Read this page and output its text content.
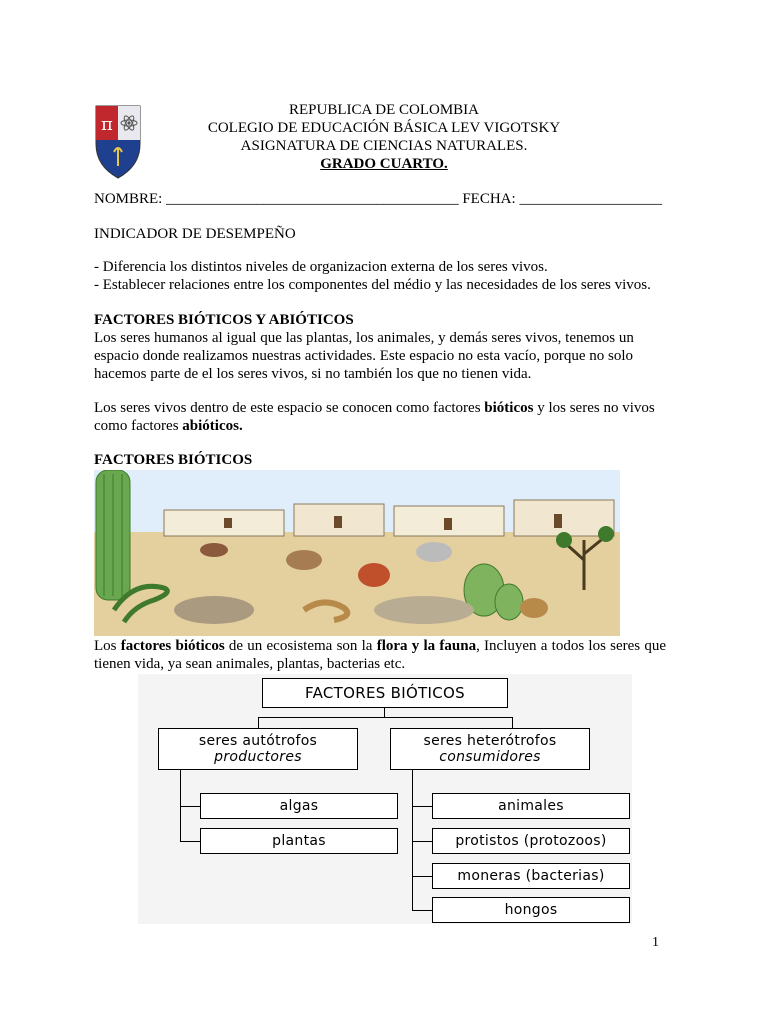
π
REPUBLICA DE COLOMBIA
COLEGIO DE EDUCACIÓN BÁSICA LEV VIGOTSKY
ASIGNATURA DE CIENCIAS NATURALES.
GRADO CUARTO.
NOMBRE: _______________________________________ FECHA: ___________________
INDICADOR DE DESEMPEÑO
- Diferencia los distintos niveles de organizacion externa de los seres vivos.
- Establecer relaciones entre los componentes del médio y las necesidades de los seres vivos.
FACTORES BIÓTICOS Y ABIÓTICOS
Los seres humanos al igual que las plantas, los animales, y demás seres vivos, tenemos un espacio donde realizamos nuestras actividades. Este espacio no esta vacío, porque no solo hacemos parte de el los seres vivos, si no también los que no tienen vida.
Los seres vivos dentro de este espacio se conocen como factores bióticos y los seres no vivos como factores abióticos.
FACTORES BIÓTICOS
Los factores bióticos de un ecosistema son la flora y la fauna, Incluyen a todos los seres que tienen vida, ya sean animales, plantas, bacterias etc.
FACTORES BIÓTICOS
seres autótrofos
productores
seres heterótrofos
consumidores
algas
plantas
animales
protistos (protozoos)
moneras (bacterias)
hongos
1
